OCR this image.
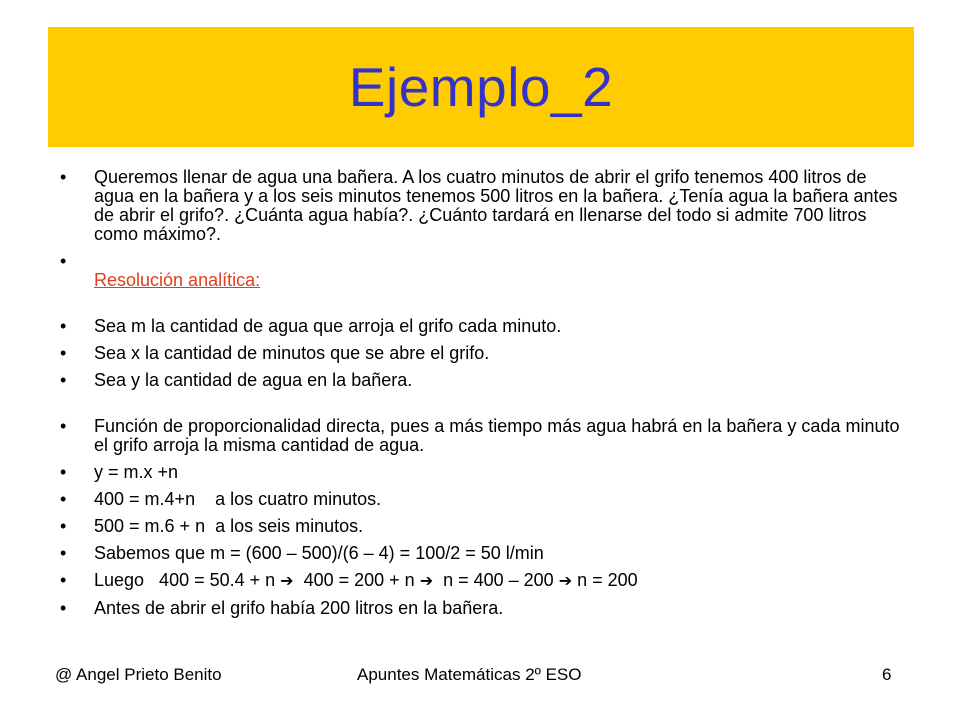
Ejemplo_2
• Queremos llenar de agua una bañera. A los cuatro minutos de abrir el grifo tenemos 400 litros de agua en la bañera y a los seis minutos tenemos 500 litros en la bañera. ¿Tenía agua la bañera antes de abrir el grifo?. ¿Cuánta agua había?. ¿Cuánto tardará en llenarse del todo si admite 700 litros como máximo?.
•

Resolución analítica:
• Sea m la cantidad de agua que arroja el grifo cada minuto.
• Sea x la cantidad de minutos que se abre el grifo.
• Sea y la cantidad de agua en la bañera.
• Función de proporcionalidad directa, pues a más tiempo más agua habrá en la bañera y cada minuto el grifo arroja la misma cantidad de agua.
• y = m.x +n
• 400 = m.4+n    a los cuatro minutos.
• 500 = m.6 + n  a los seis minutos.
• Sabemos que m = (600 – 500)/(6 – 4) = 100/2 = 50 l/min
• Luego   400 = 50.4 + n ➔  400 = 200 + n ➔  n = 400 – 200 ➔ n = 200
• Antes de abrir el grifo había 200 litros en la bañera.
@ Angel Prieto Benito	Apuntes Matemáticas 2º ESO	6
